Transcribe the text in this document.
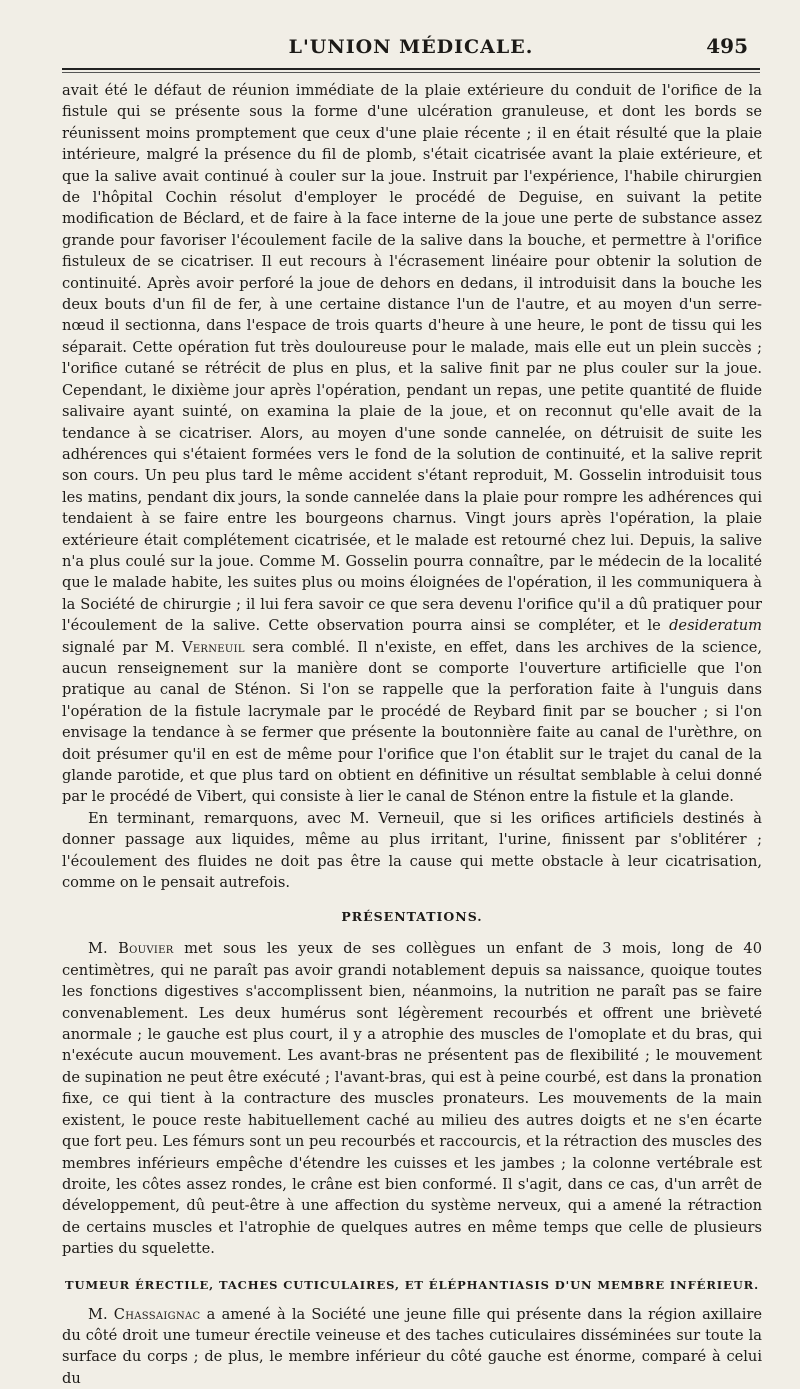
L'UNION MÉDICALE.	495

avait été le défaut de réunion immédiate de la plaie extérieure du conduit de l'orifice de la fistule qui se présente sous la forme d'une ulcération granuleuse, et dont les bords se réunissent moins promptement que ceux d'une plaie récente ; il en était résulté que la plaie intérieure, malgré la présence du fil de plomb, s'était cicatrisée avant la plaie extérieure, et que la salive avait continué à couler sur la joue. Instruit par l'expérience, l'habile chirurgien de l'hôpital Cochin résolut d'employer le procédé de Deguise, en suivant la petite modification de Béclard, et de faire à la face interne de la joue une perte de substance assez grande pour favoriser l'écoulement facile de la salive dans la bouche, et permettre à l'orifice fistuleux de se cicatriser. Il eut recours à l'écrasement linéaire pour obtenir la solution de continuité. Après avoir perforé la joue de dehors en dedans, il introduisit dans la bouche les deux bouts d'un fil de fer, à une certaine distance l'un de l'autre, et au moyen d'un serre-nœud il sectionna, dans l'espace de trois quarts d'heure à une heure, le pont de tissu qui les séparait. Cette opération fut très douloureuse pour le malade, mais elle eut un plein succès ; l'orifice cutané se rétrécit de plus en plus, et la salive finit par ne plus couler sur la joue. Cependant, le dixième jour après l'opération, pendant un repas, une petite quantité de fluide salivaire ayant suinté, on examina la plaie de la joue, et on reconnut qu'elle avait de la tendance à se cicatriser. Alors, au moyen d'une sonde cannelée, on détruisit de suite les adhérences qui s'étaient formées vers le fond de la solution de continuité, et la salive reprit son cours. Un peu plus tard le même accident s'étant reproduit, M. Gosselin introduisit tous les matins, pendant dix jours, la sonde cannelée dans la plaie pour rompre les adhérences qui tendaient à se faire entre les bourgeons charnus. Vingt jours après l'opération, la plaie extérieure était complétement cicatrisée, et le malade est retourné chez lui. Depuis, la salive n'a plus coulé sur la joue. Comme M. Gosselin pourra connaître, par le médecin de la localité que le malade habite, les suites plus ou moins éloignées de l'opération, il les communiquera à la Société de chirurgie ; il lui fera savoir ce que sera devenu l'orifice qu'il a dû pratiquer pour l'écoulement de la salive. Cette observation pourra ainsi se compléter, et le desideratum signalé par M. Verneuil sera comblé. Il n'existe, en effet, dans les archives de la science, aucun renseignement sur la manière dont se comporte l'ouverture artificielle que l'on pratique au canal de Sténon. Si l'on se rappelle que la perforation faite à l'unguis dans l'opération de la fistule lacrymale par le procédé de Reybard finit par se boucher ; si l'on envisage la tendance à se fermer que présente la boutonnière faite au canal de l'urèthre, on doit présumer qu'il en est de même pour l'orifice que l'on établit sur le trajet du canal de la glande parotide, et que plus tard on obtient en définitive un résultat semblable à celui donné par le procédé de Vibert, qui consiste à lier le canal de Sténon entre la fistule et la glande.

En terminant, remarquons, avec M. Verneuil, que si les orifices artificiels destinés à donner passage aux liquides, même au plus irritant, l'urine, finissent par s'oblitérer ; l'écoulement des fluides ne doit pas être la cause qui mette obstacle à leur cicatrisation, comme on le pensait autrefois.

PRÉSENTATIONS.

M. Bouvier met sous les yeux de ses collègues un enfant de 3 mois, long de 40 centimètres, qui ne paraît pas avoir grandi notablement depuis sa naissance, quoique toutes les fonctions digestives s'accomplissent bien, néanmoins, la nutrition ne paraît pas se faire convenablement. Les deux humérus sont légèrement recourbés et offrent une brièveté anormale ; le gauche est plus court, il y a atrophie des muscles de l'omoplate et du bras, qui n'exécute aucun mouvement. Les avant-bras ne présentent pas de flexibilité ; le mouvement de supination ne peut être exécuté ; l'avant-bras, qui est à peine courbé, est dans la pronation fixe, ce qui tient à la contracture des muscles pronateurs. Les mouvements de la main existent, le pouce reste habituellement caché au milieu des autres doigts et ne s'en écarte que fort peu. Les fémurs sont un peu recourbés et raccourcis, et la rétraction des muscles des membres inférieurs empêche d'étendre les cuisses et les jambes ; la colonne vertébrale est droite, les côtes assez rondes, le crâne est bien conformé. Il s'agit, dans ce cas, d'un arrêt de développement, dû peut-être à une affection du système nerveux, qui a amené la rétraction de certains muscles et l'atrophie de quelques autres en même temps que celle de plusieurs parties du squelette.

TUMEUR ÉRECTILE, TACHES CUTICULAIRES, ET ÉLÉPHANTIASIS D'UN MEMBRE INFÉRIEUR.

M. Chassaignac a amené à la Société une jeune fille qui présente dans la région axillaire du côté droit une tumeur érectile veineuse et des taches cuticulaires disséminées sur toute la surface du corps ; de plus, le membre inférieur du côté gauche est énorme, comparé à celui du
